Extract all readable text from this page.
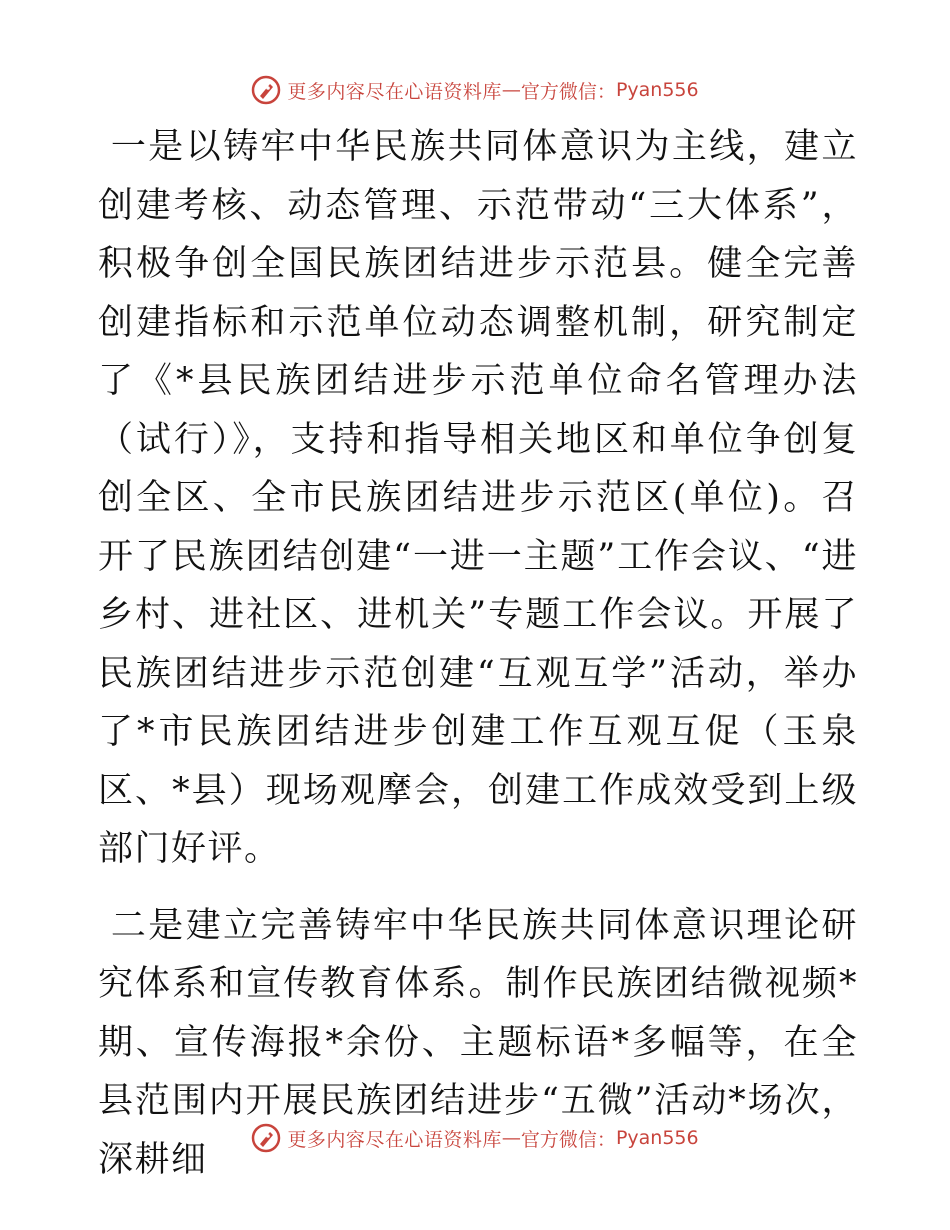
更多内容尽在心语资料库 — 官方微信： Pyan556

一是以铸牢中华民族共同体意识为主线，建立创建考核、动态管理、示范带动“三大体系”，积极争创全国民族团结进步示范县。健全完善创建指标和示范单位动态调整机制，研究制定了《*县民族团结进步示范单位命名管理办法（试行）》，支持和指导相关地区和单位争创复创全区、全市民族团结进步示范区(单位)。召开了民族团结创建“一进一主题”工作会议、“进乡村、进社区、进机关”专题工作会议。开展了民族团结进步示范创建“互观互学”活动，举办了*市民族团结进步创建工作互观互促（玉泉区、*县）现场观摩会，创建工作成效受到上级部门好评。

二是建立完善铸牢中华民族共同体意识理论研究体系和宣传教育体系。制作民族团结微视频*期、宣传海报*余份、主题标语*多幅等，在全县范围内开展民族团结进步“五微”活动*场次，深耕细	更多内容尽在心语资料库 — 官方微信： Pyan556
